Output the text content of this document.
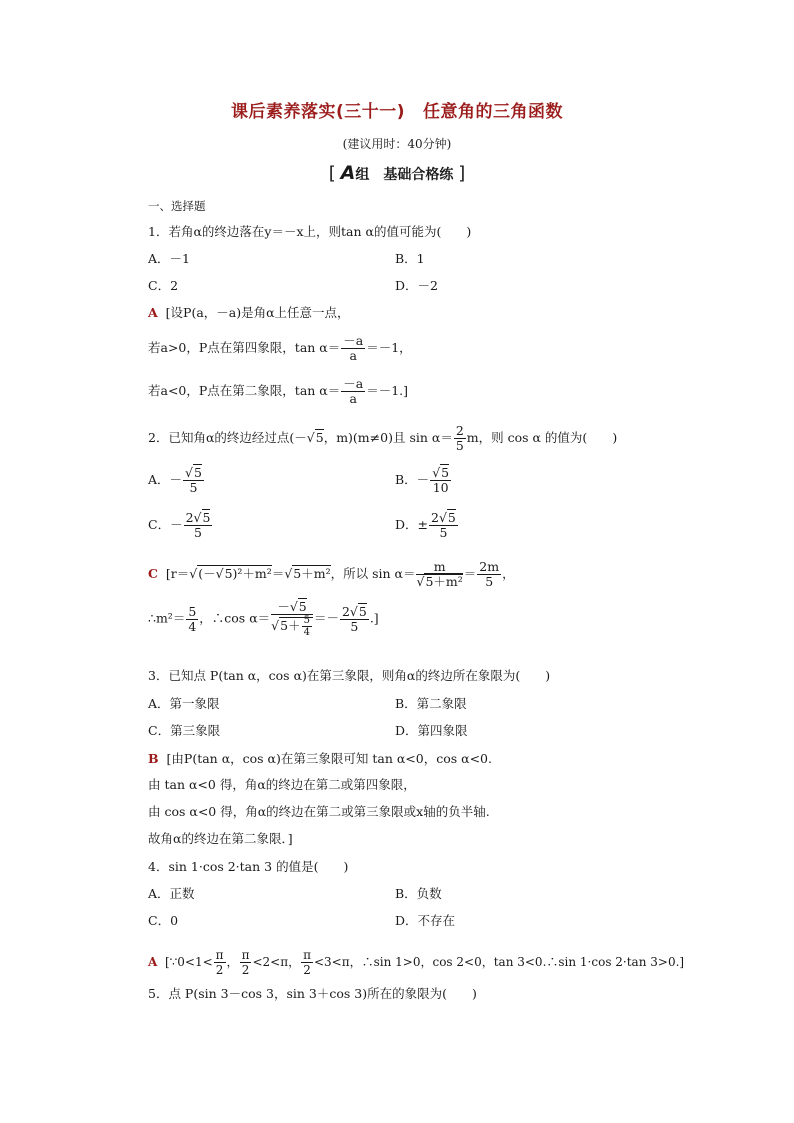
课后素养落实(三十一) 任意角的三角函数
(建议用时：40分钟)
[ A组　基础合格练 ]
一、选择题
1．若角α的终边落在y＝－x上，则tan α的值可能为(　　)
A．－1	B．1
C．2	D．－2
A [设P(a，－a)是角α上任意一点，
若a>0，P点在第四象限，$\tan \alpha= \frac{-a}{a} =-1$，
若a<0，P点在第二象限，$\tan \alpha= \frac{-a}{a} =-1$.]
2．已知角α的终边经过点(－√5，m)(m≠0)且 $\sin \alpha= \frac{2}{5}$ m，则 cos α 的值为(　　)
A．－ $\frac{√5}{5}$	B．－ $\frac{√5}{10}$
C．－ $\frac{2√5}{5}$	D．± $\frac{2√5}{5}$
C [r＝√(－√5)²＋m²＝√5＋m²，所以 $\sin \alpha= \frac{m}{\text{√5＋m²}} = \frac{2m}{5}$ ，
∴m²＝ $\frac{5}{4}$ ，∴cos $\alpha= \frac{-√5}{√5+ \frac{5}{4}} =- \frac{2√5}{5}$ .]
3．已知点 P(tan α，cos α)在第三象限，则角α的终边所在象限为(　　)
A．第一象限	B．第二象限
C．第三象限	D．第四象限
B [由P(tan α，cos α)在第三象限可知 tan α<0，cos α<0.
由 tan α<0 得，角α的终边在第二或第四象限，
由 cos α<0 得，角α的终边在第二或第三象限或x轴的负半轴.
故角α的终边在第二象限．]
4．sin 1·cos 2·tan 3 的值是(　　)
A．正数	B．负数
C．0	D．不存在
A [∵0<1< $\frac{\pi}{2}$ ， $\frac{\pi}{2} <2<\pi$， $\frac{\pi}{2} <3<\pi$，∴sin 1>0，cos 2<0，tan 3<0.∴sin 1·cos 2·tan 3>0.]
5．点 P(sin 3－cos 3，sin 3＋cos 3)所在的象限为(　　)
